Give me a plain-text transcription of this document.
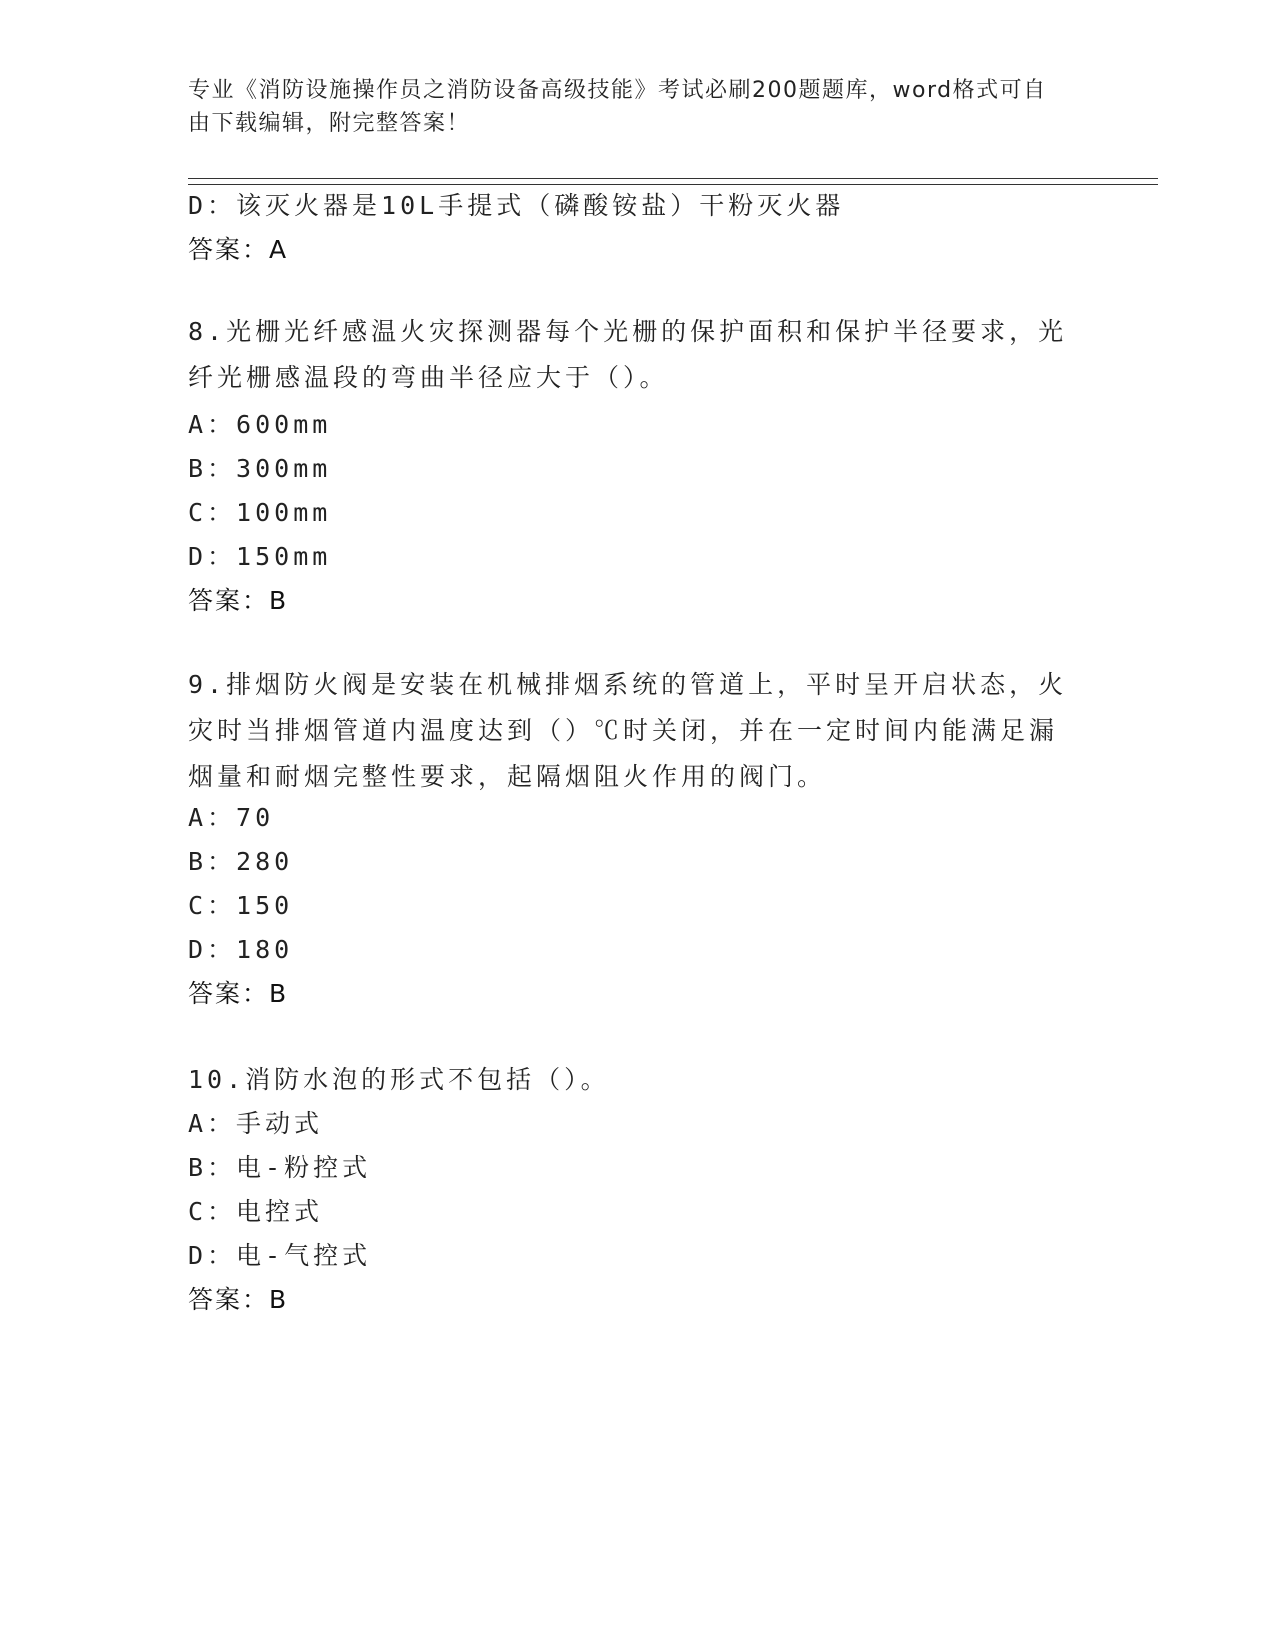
专业《消防设施操作员之消防设备高级技能》考试必刷200题题库，word格式可自由下载编辑，附完整答案！
D：该灭火器是10L手提式（磷酸铵盐）干粉灭火器
答案：A
8.光栅光纤感温火灾探测器每个光栅的保护面积和保护半径要求，光纤光栅感温段的弯曲半径应大于（）。
A：600mm
B：300mm
C：100mm
D：150mm
答案：B
9.排烟防火阀是安装在机械排烟系统的管道上，平时呈开启状态，火灾时当排烟管道内温度达到（）℃时关闭，并在一定时间内能满足漏烟量和耐烟完整性要求，起隔烟阻火作用的阀门。
A：70
B：280
C：150
D：180
答案：B
10.消防水泡的形式不包括（）。
A：手动式
B：电-粉控式
C：电控式
D：电-气控式
答案：B
